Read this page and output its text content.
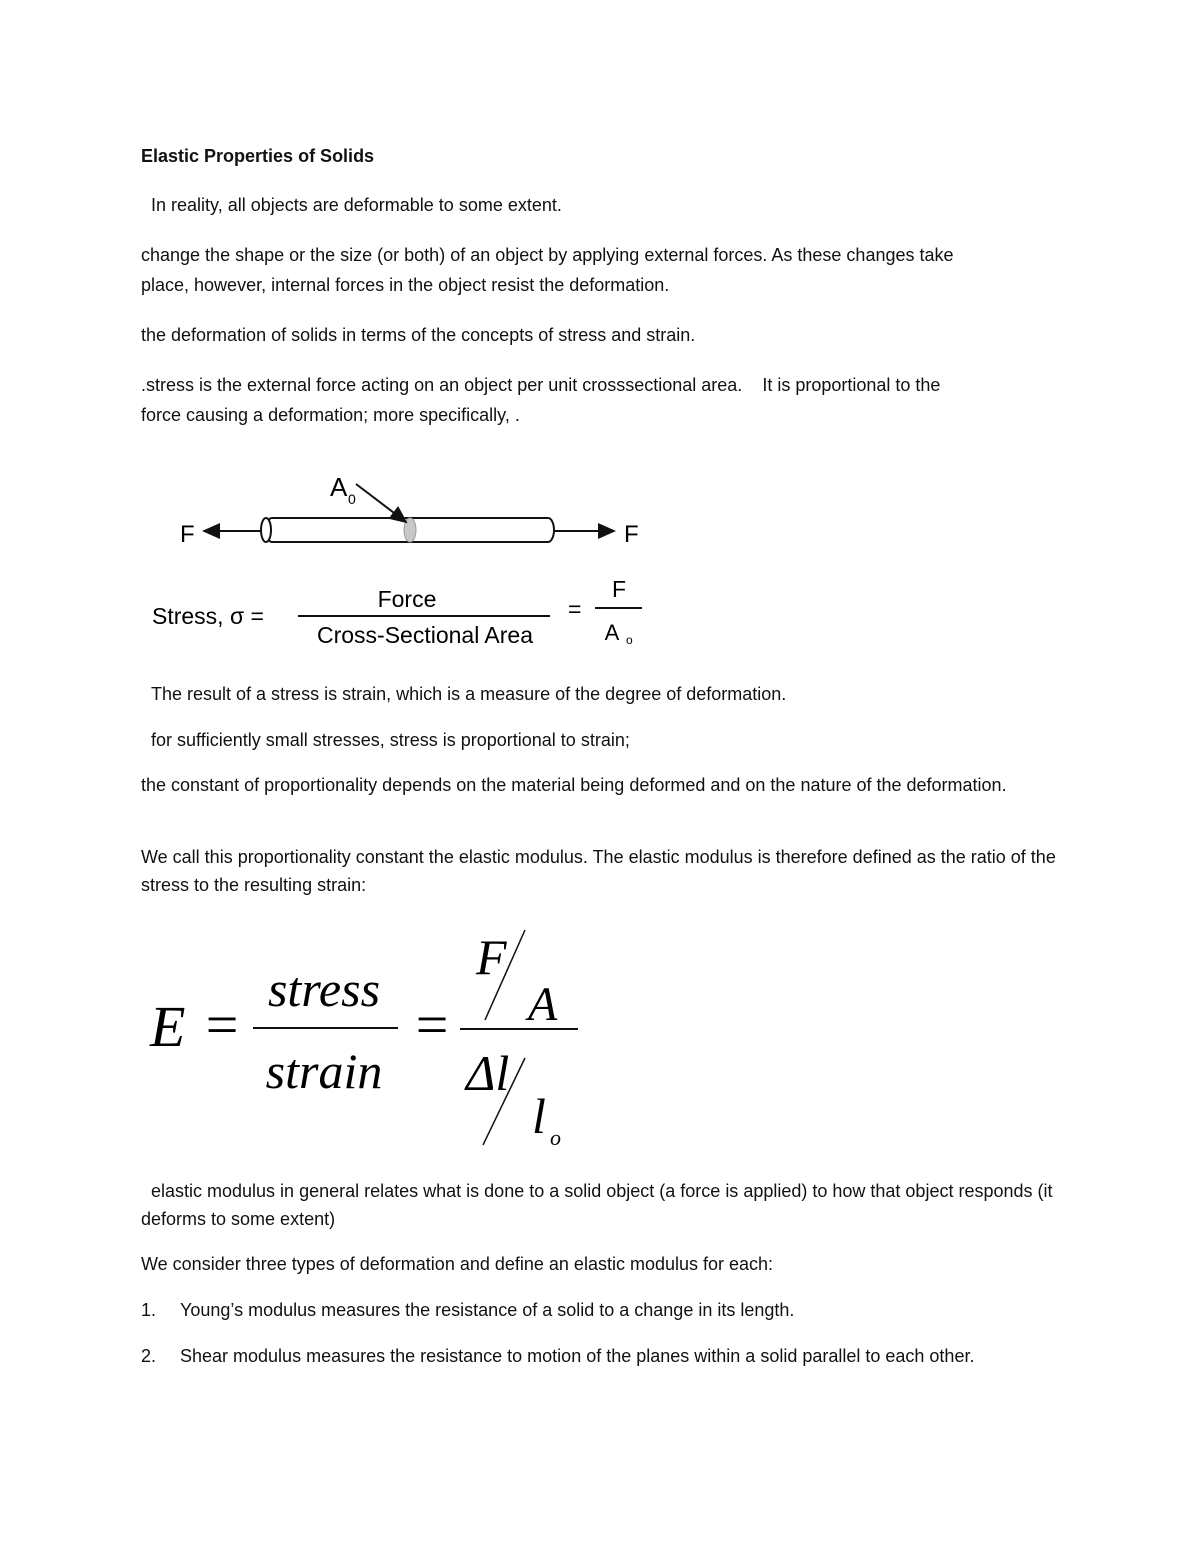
Elastic Properties of Solids

In reality, all objects are deformable to some extent.

change the shape or the size (or both) of an object by applying external forces. As these changes take

place, however, internal forces in the object resist the deformation.

the deformation of solids in terms of the concepts of stress and strain.

.stress is the external force acting on an object per unit crosssectional area.    It is proportional to the

force causing a deformation; more specifically, .

F	F
A 0
Stress, σ =
Force
Cross-Sectional Area
=
F
A o

The result of a stress is strain, which is a measure of the degree of deformation.

for sufficiently small stresses, stress is proportional to strain;

the constant of proportionality depends on the material being deformed and on the nature of the deformation.

We call this proportionality constant the elastic modulus. The elastic modulus is therefore defined as the ratio of the stress to the resulting strain:

E =
stress
strain
=
F
A
Δl
l o

elastic modulus in general relates what is done to a solid object (a force is applied) to how that object responds (it deforms to some extent)

We consider three types of deformation and define an elastic modulus for each:

1. Young’s modulus measures the resistance of a solid to a change in its length.

2. Shear modulus measures the resistance to motion of the planes within a solid parallel to each other.
